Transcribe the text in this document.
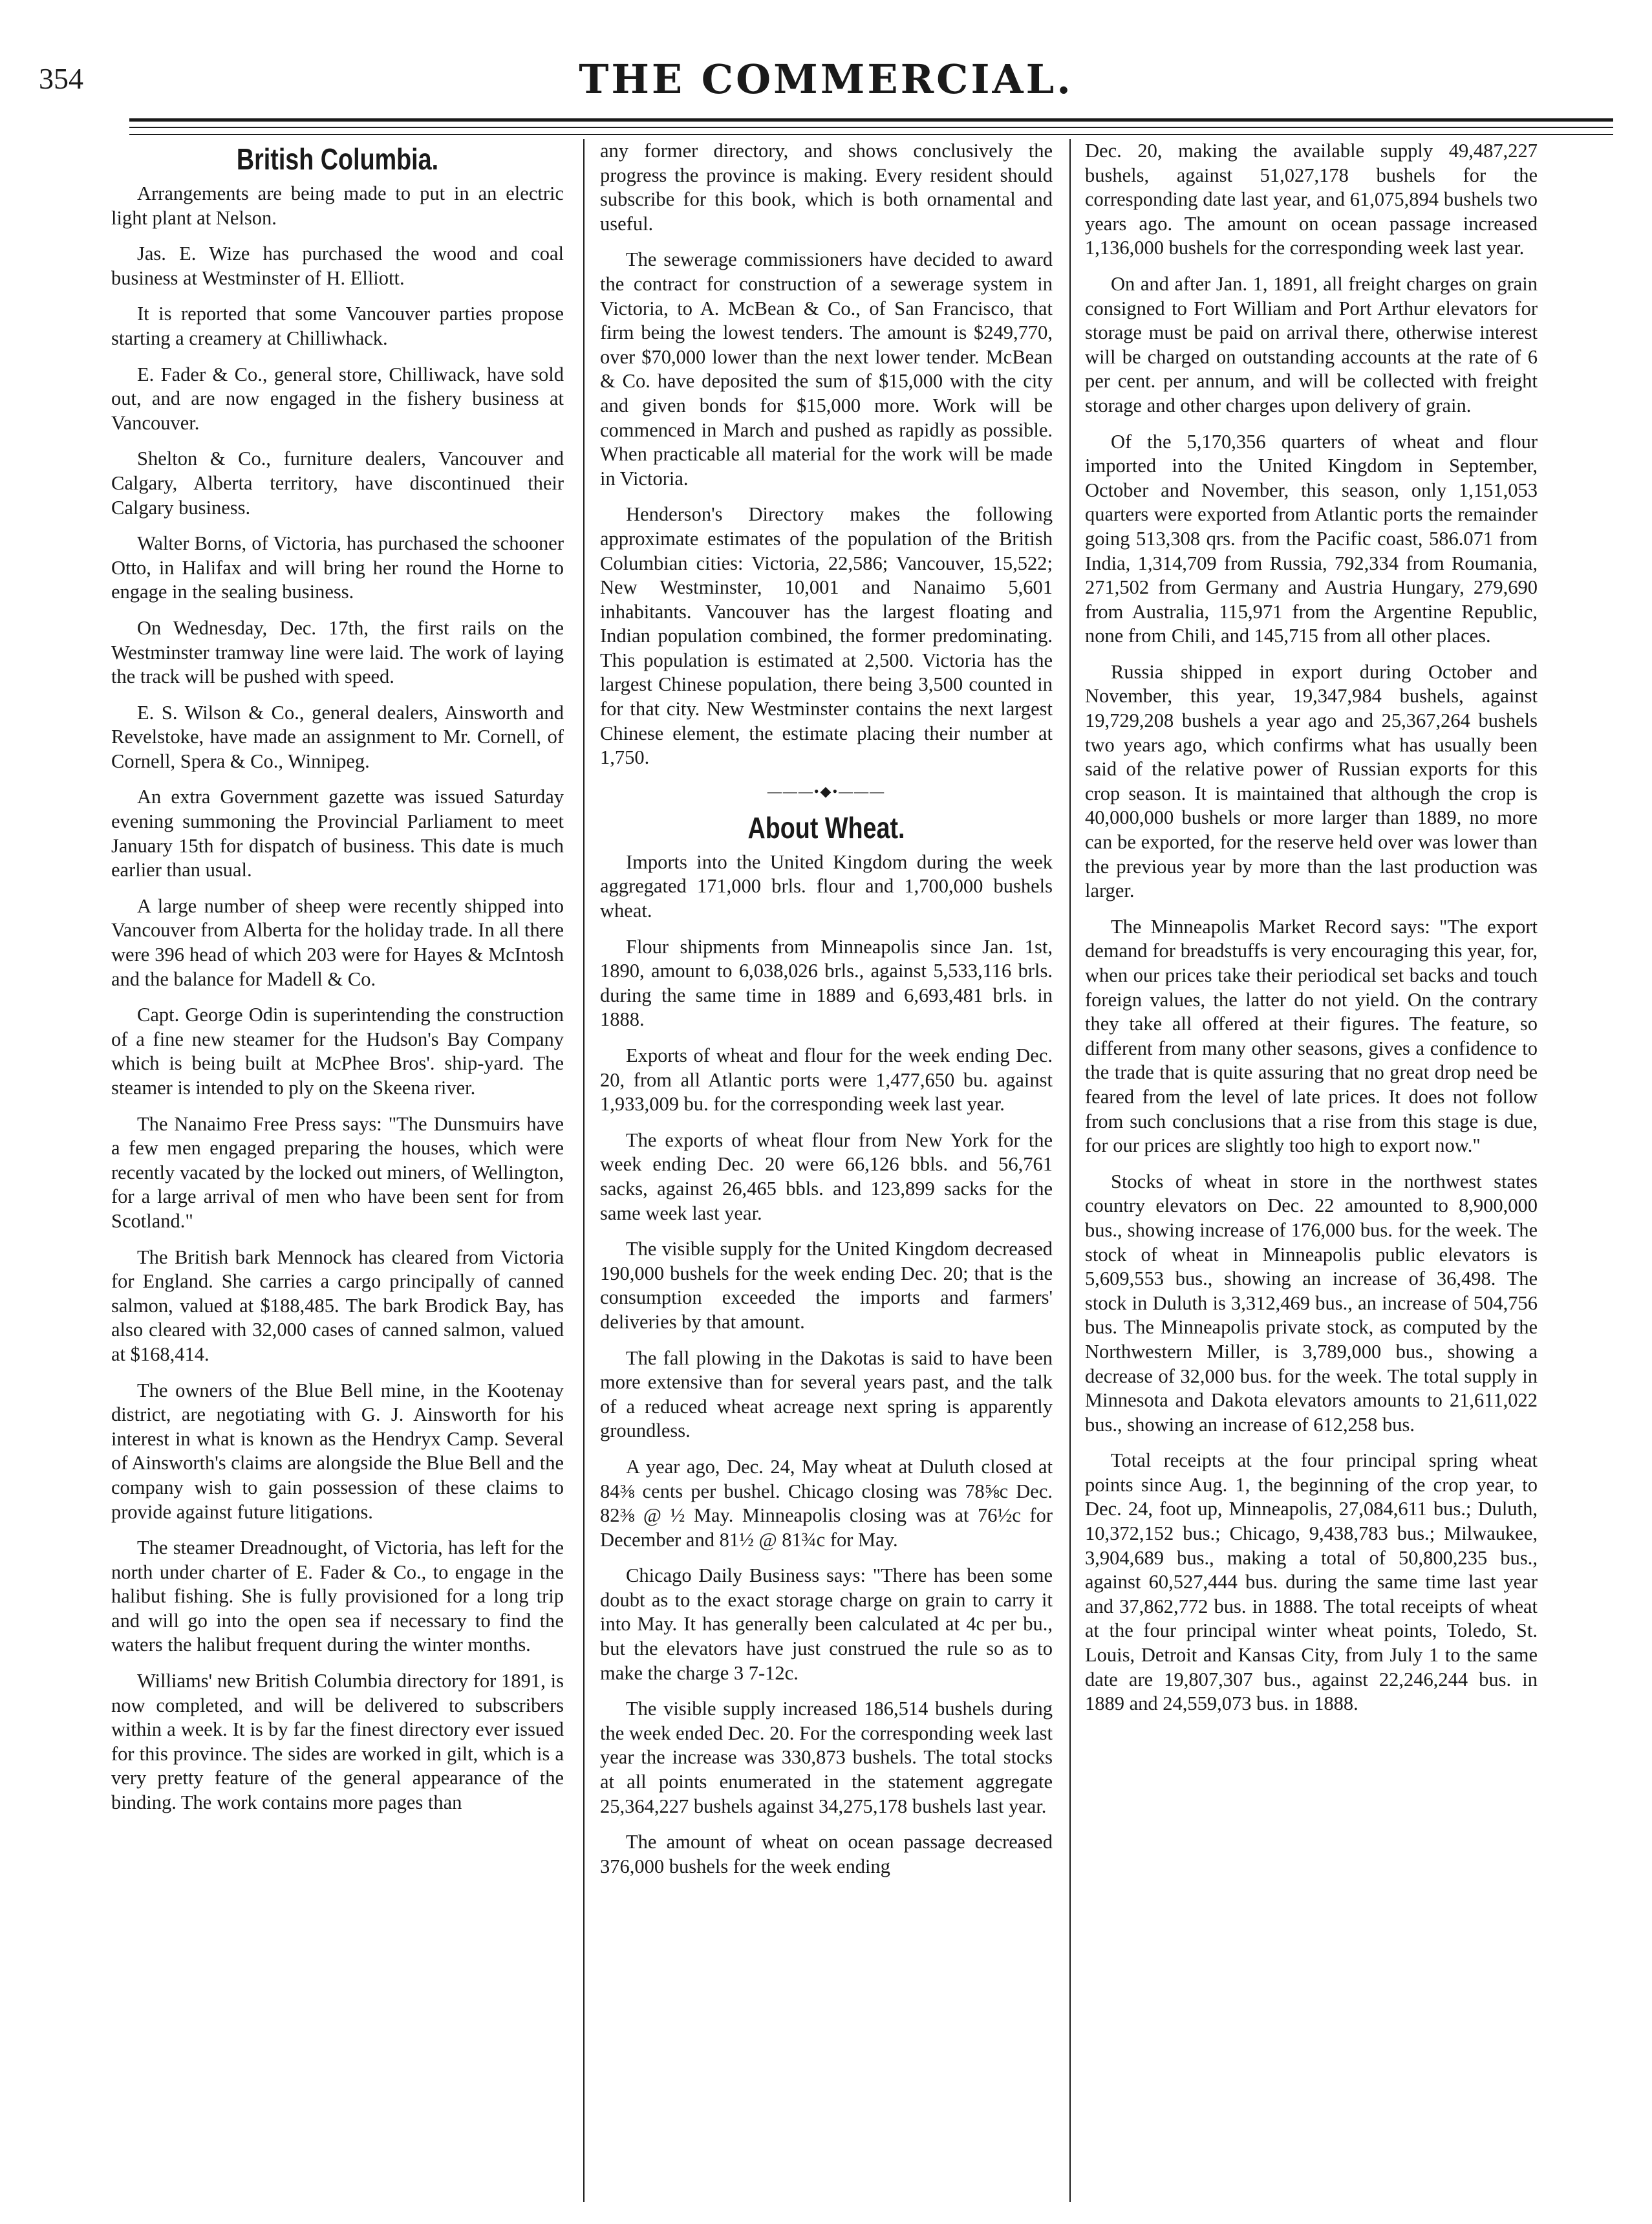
354	THE COMMERCIAL.
British Columbia.

Arrangements are being made to put in an electric light plant at Nelson.

Jas. E. Wize has purchased the wood and coal business at Westminster of H. Elliott.

It is reported that some Vancouver parties propose starting a creamery at Chilliwhack.

E. Fader & Co., general store, Chilliwack, have sold out, and are now engaged in the fishery business at Vancouver.

Shelton & Co., furniture dealers, Vancouver and Calgary, Alberta territory, have discontinued their Calgary business.

Walter Borns, of Victoria, has purchased the schooner Otto, in Halifax and will bring her round the Horne to engage in the sealing business.

On Wednesday, Dec. 17th, the first rails on the Westminster tramway line were laid. The work of laying the track will be pushed with speed.

E. S. Wilson & Co., general dealers, Ainsworth and Revelstoke, have made an assignment to Mr. Cornell, of Cornell, Spera & Co., Winnipeg.

An extra Government gazette was issued Saturday evening summoning the Provincial Parliament to meet January 15th for dispatch of business. This date is much earlier than usual.

A large number of sheep were recently shipped into Vancouver from Alberta for the holiday trade. In all there were 396 head of which 203 were for Hayes & McIntosh and the balance for Madell & Co.

Capt. George Odin is superintending the construction of a fine new steamer for the Hudson's Bay Company which is being built at McPhee Bros'. ship-yard. The steamer is intended to ply on the Skeena river.

The Nanaimo Free Press says: "The Dunsmuirs have a few men engaged preparing the houses, which were recently vacated by the locked out miners, of Wellington, for a large arrival of men who have been sent for from Scotland."

The British bark Mennock has cleared from Victoria for England. She carries a cargo principally of canned salmon, valued at $188,485. The bark Brodick Bay, has also cleared with 32,000 cases of canned salmon, valued at $168,414.

The owners of the Blue Bell mine, in the Kootenay district, are negotiating with G. J. Ainsworth for his interest in what is known as the Hendryx Camp. Several of Ainsworth's claims are alongside the Blue Bell and the company wish to gain possession of these claims to provide against future litigations.

The steamer Dreadnought, of Victoria, has left for the north under charter of E. Fader & Co., to engage in the halibut fishing. She is fully provisioned for a long trip and will go into the open sea if necessary to find the waters the halibut frequent during the winter months.

Williams' new British Columbia directory for 1891, is now completed, and will be delivered to subscribers within a week. It is by far the finest directory ever issued for this province. The sides are worked in gilt, which is a very pretty feature of the general appearance of the binding. The work contains more pages than

any former directory, and shows conclusively the progress the province is making. Every resident should subscribe for this book, which is both ornamental and useful.

The sewerage commissioners have decided to award the contract for construction of a sewerage system in Victoria, to A. McBean & Co., of San Francisco, that firm being the lowest tenders. The amount is $249,770, over $70,000 lower than the next lower tender. McBean & Co. have deposited the sum of $15,000 with the city and given bonds for $15,000 more. Work will be commenced in March and pushed as rapidly as possible. When practicable all material for the work will be made in Victoria.

Henderson's Directory makes the following approximate estimates of the population of the British Columbian cities: Victoria, 22,586; Vancouver, 15,522; New Westminster, 10,001 and Nanaimo 5,601 inhabitants. Vancouver has the largest floating and Indian population combined, the former predominating. This population is estimated at 2,500. Victoria has the largest Chinese population, there being 3,500 counted in for that city. New Westminster contains the next largest Chinese element, the estimate placing their number at 1,750.

———•◆•———
About Wheat.

Imports into the United Kingdom during the week aggregated 171,000 brls. flour and 1,700,000 bushels wheat.

Flour shipments from Minneapolis since Jan. 1st, 1890, amount to 6,038,026 brls., against 5,533,116 brls. during the same time in 1889 and 6,693,481 brls. in 1888.

Exports of wheat and flour for the week ending Dec. 20, from all Atlantic ports were 1,477,650 bu. against 1,933,009 bu. for the corresponding week last year.

The exports of wheat flour from New York for the week ending Dec. 20 were 66,126 bbls. and 56,761 sacks, against 26,465 bbls. and 123,899 sacks for the same week last year.

The visible supply for the United Kingdom decreased 190,000 bushels for the week ending Dec. 20; that is the consumption exceeded the imports and farmers' deliveries by that amount.

The fall plowing in the Dakotas is said to have been more extensive than for several years past, and the talk of a reduced wheat acreage next spring is apparently groundless.

A year ago, Dec. 24, May wheat at Duluth closed at 84⅜ cents per bushel. Chicago closing was 78⅝c Dec. 82⅜ @ ½ May. Minneapolis closing was at 76½c for December and 81½ @ 81¾c for May.

Chicago Daily Business says: "There has been some doubt as to the exact storage charge on grain to carry it into May. It has generally been calculated at 4c per bu., but the elevators have just construed the rule so as to make the charge 3 7-12c.

The visible supply increased 186,514 bushels during the week ended Dec. 20. For the corresponding week last year the increase was 330,873 bushels. The total stocks at all points enumerated in the statement aggregate 25,364,227 bushels against 34,275,178 bushels last year.

The amount of wheat on ocean passage decreased 376,000 bushels for the week ending

Dec. 20, making the available supply 49,487,227 bushels, against 51,027,178 bushels for the corresponding date last year, and 61,075,894 bushels two years ago. The amount on ocean passage increased 1,136,000 bushels for the corresponding week last year.

On and after Jan. 1, 1891, all freight charges on grain consigned to Fort William and Port Arthur elevators for storage must be paid on arrival there, otherwise interest will be charged on outstanding accounts at the rate of 6 per cent. per annum, and will be collected with freight storage and other charges upon delivery of grain.

Of the 5,170,356 quarters of wheat and flour imported into the United Kingdom in September, October and November, this season, only 1,151,053 quarters were exported from Atlantic ports the remainder going 513,308 qrs. from the Pacific coast, 586.071 from India, 1,314,709 from Russia, 792,334 from Roumania, 271,502 from Germany and Austria Hungary, 279,690 from Australia, 115,971 from the Argentine Republic, none from Chili, and 145,715 from all other places.

Russia shipped in export during October and November, this year, 19,347,984 bushels, against 19,729,208 bushels a year ago and 25,367,264 bushels two years ago, which confirms what has usually been said of the relative power of Russian exports for this crop season. It is maintained that although the crop is 40,000,000 bushels or more larger than 1889, no more can be exported, for the reserve held over was lower than the previous year by more than the last production was larger.

The Minneapolis Market Record says: "The export demand for breadstuffs is very encouraging this year, for, when our prices take their periodical set backs and touch foreign values, the latter do not yield. On the contrary they take all offered at their figures. The feature, so different from many other seasons, gives a confidence to the trade that is quite assuring that no great drop need be feared from the level of late prices. It does not follow from such conclusions that a rise from this stage is due, for our prices are slightly too high to export now."

Stocks of wheat in store in the northwest states country elevators on Dec. 22 amounted to 8,900,000 bus., showing increase of 176,000 bus. for the week. The stock of wheat in Minneapolis public elevators is 5,609,553 bus., showing an increase of 36,498. The stock in Duluth is 3,312,469 bus., an increase of 504,756 bus. The Minneapolis private stock, as computed by the Northwestern Miller, is 3,789,000 bus., showing a decrease of 32,000 bus. for the week. The total supply in Minnesota and Dakota elevators amounts to 21,611,022 bus., showing an increase of 612,258 bus.

Total receipts at the four principal spring wheat points since Aug. 1, the beginning of the crop year, to Dec. 24, foot up, Minneapolis, 27,084,611 bus.; Duluth, 10,372,152 bus.; Chicago, 9,438,783 bus.; Milwaukee, 3,904,689 bus., making a total of 50,800,235 bus., against 60,527,444 bus. during the same time last year and 37,862,772 bus. in 1888. The total receipts of wheat at the four principal winter wheat points, Toledo, St. Louis, Detroit and Kansas City, from July 1 to the same date are 19,807,307 bus., against 22,246,244 bus. in 1889 and 24,559,073 bus. in 1888.
